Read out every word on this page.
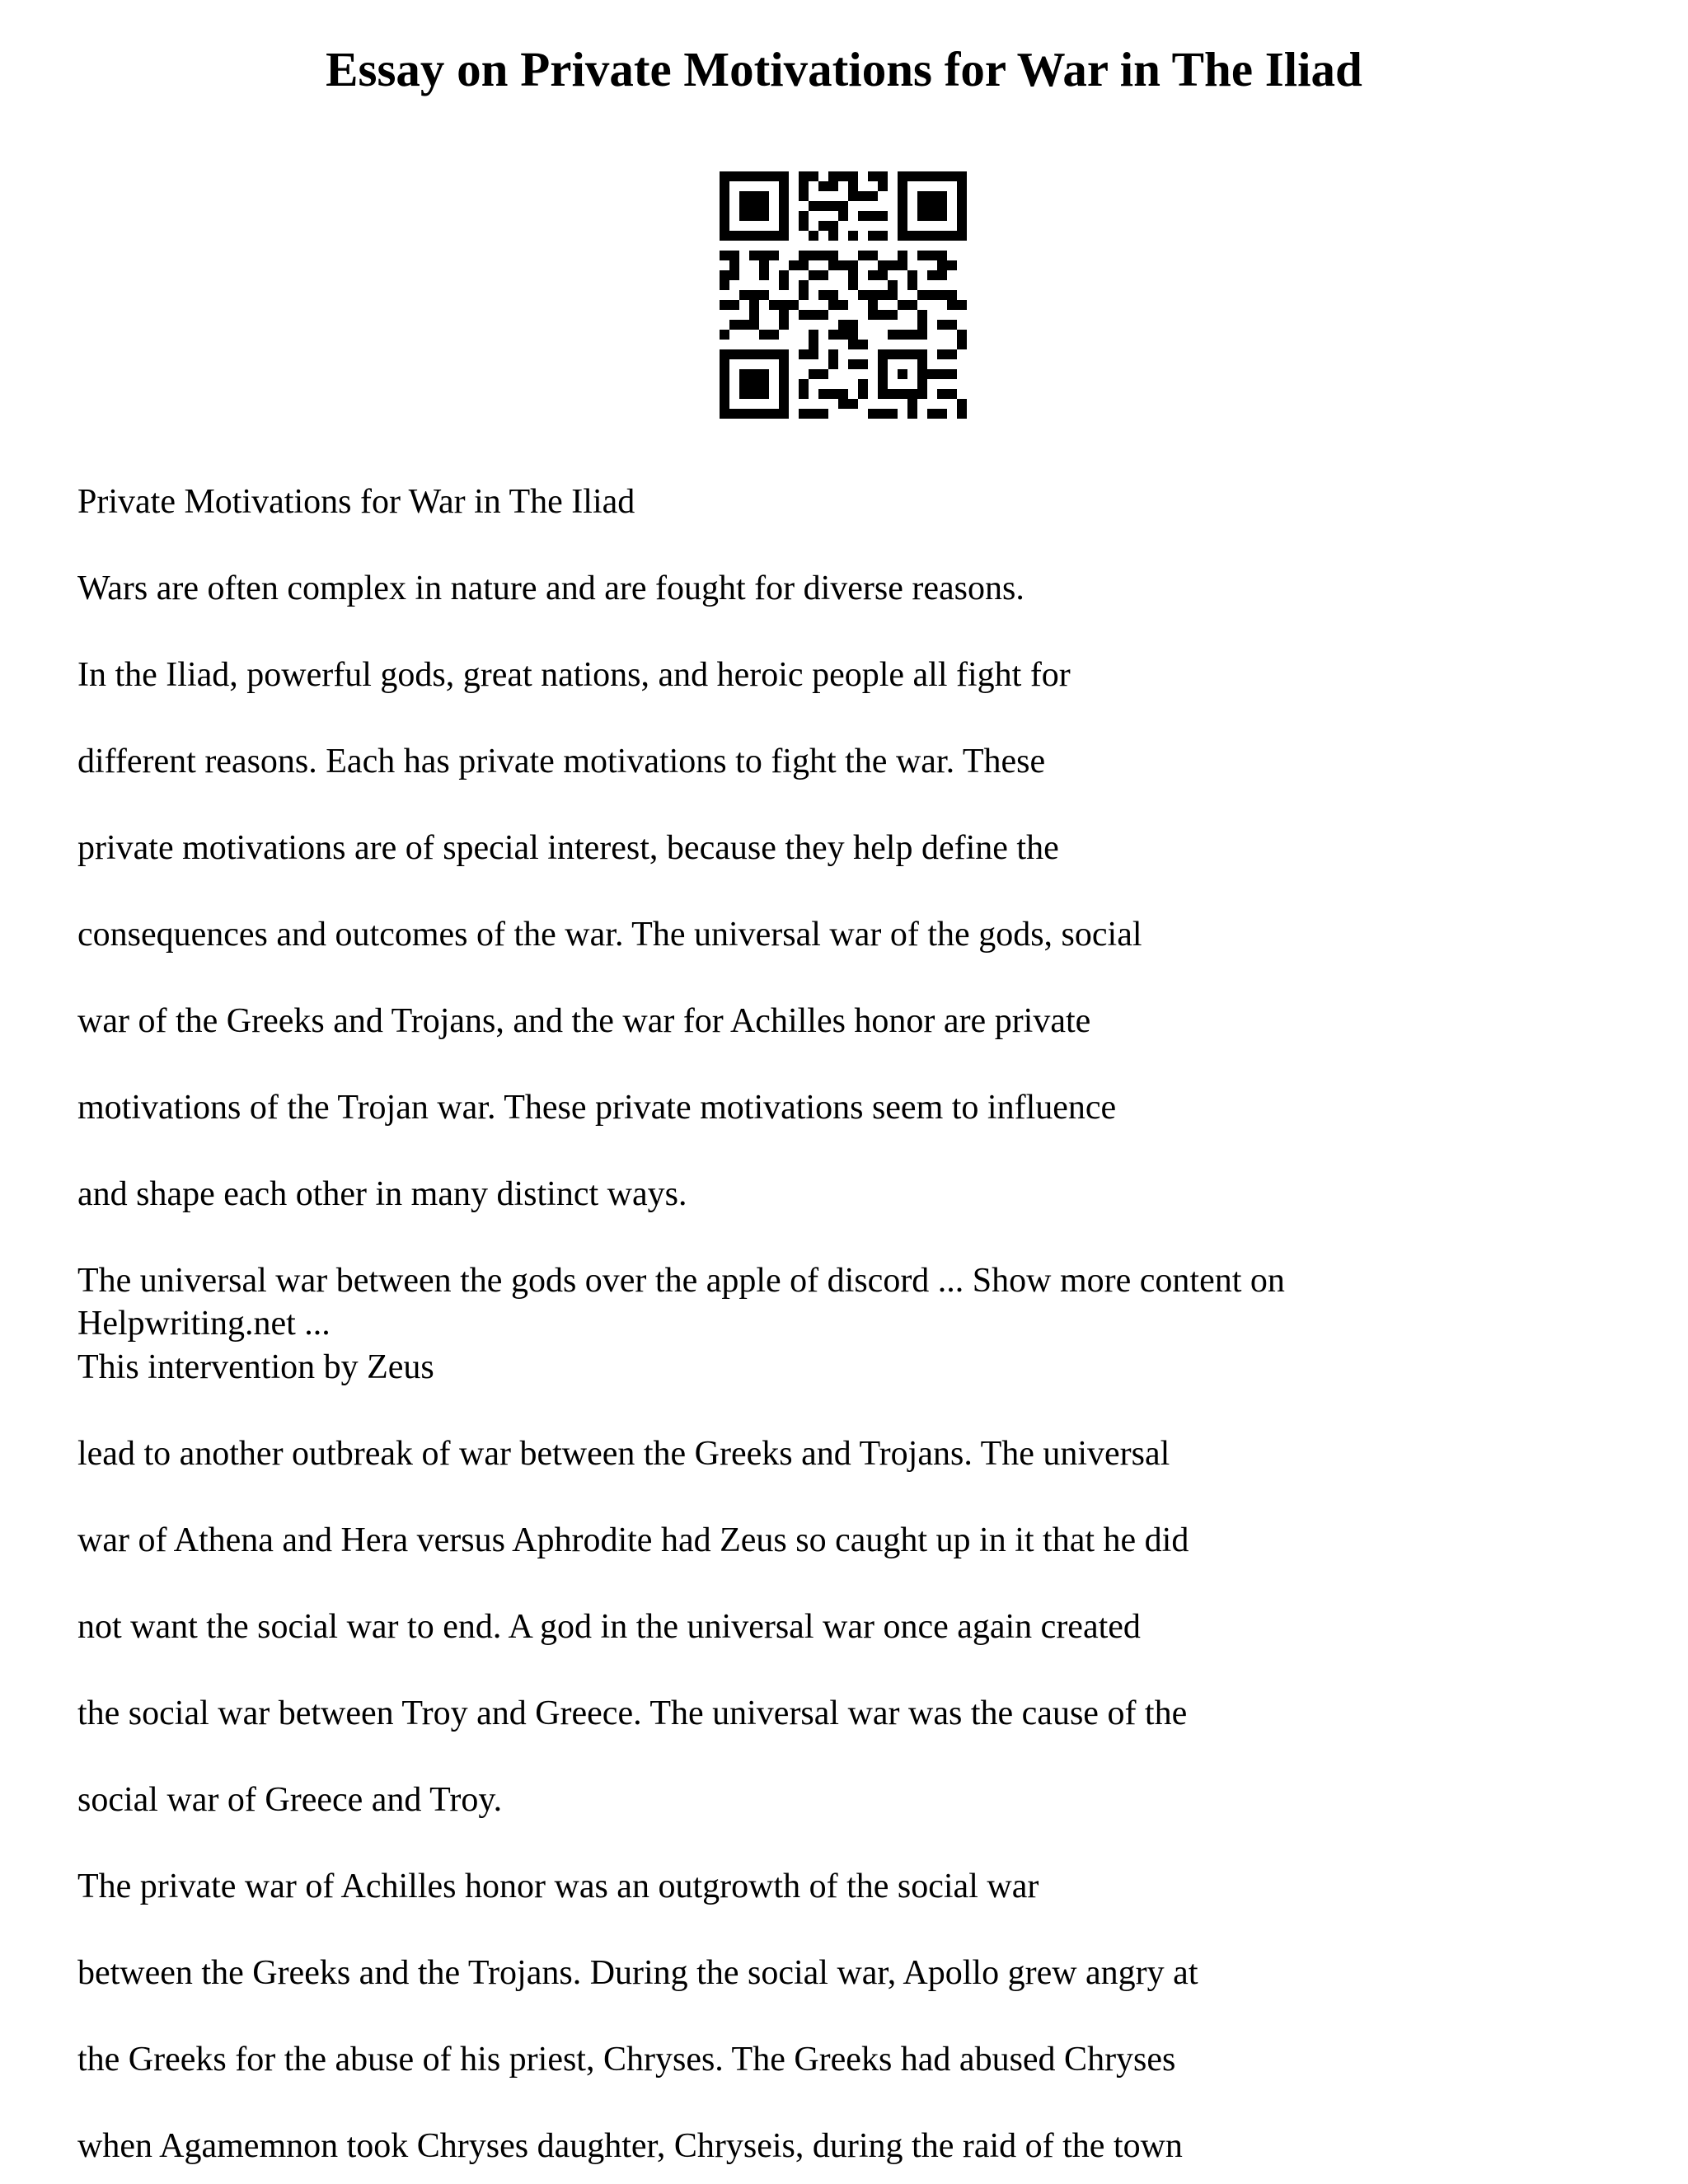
Essay on Private Motivations for War in The Iliad

Private Motivations for War in The Iliad

Wars are often complex in nature and are fought for diverse reasons.

In the Iliad, powerful gods, great nations, and heroic people all fight for

different reasons. Each has private motivations to fight the war. These

private motivations are of special interest, because they help define the

consequences and outcomes of the war. The universal war of the gods, social

war of the Greeks and Trojans, and the war for Achilles honor are private

motivations of the Trojan war. These private motivations seem to influence

and shape each other in many distinct ways.

The universal war between the gods over the apple of discord ... Show more content on

Helpwriting.net ...

This intervention by Zeus

lead to another outbreak of war between the Greeks and Trojans. The universal

war of Athena and Hera versus Aphrodite had Zeus so caught up in it that he did

not want the social war to end. A god in the universal war once again created

the social war between Troy and Greece. The universal war was the cause of the

social war of Greece and Troy.

The private war of Achilles honor was an outgrowth of the social war

between the Greeks and the Trojans. During the social war, Apollo grew angry at

the Greeks for the abuse of his priest, Chryses. The Greeks had abused Chryses

when Agamemnon took Chryses daughter, Chryseis, during the raid of the town
